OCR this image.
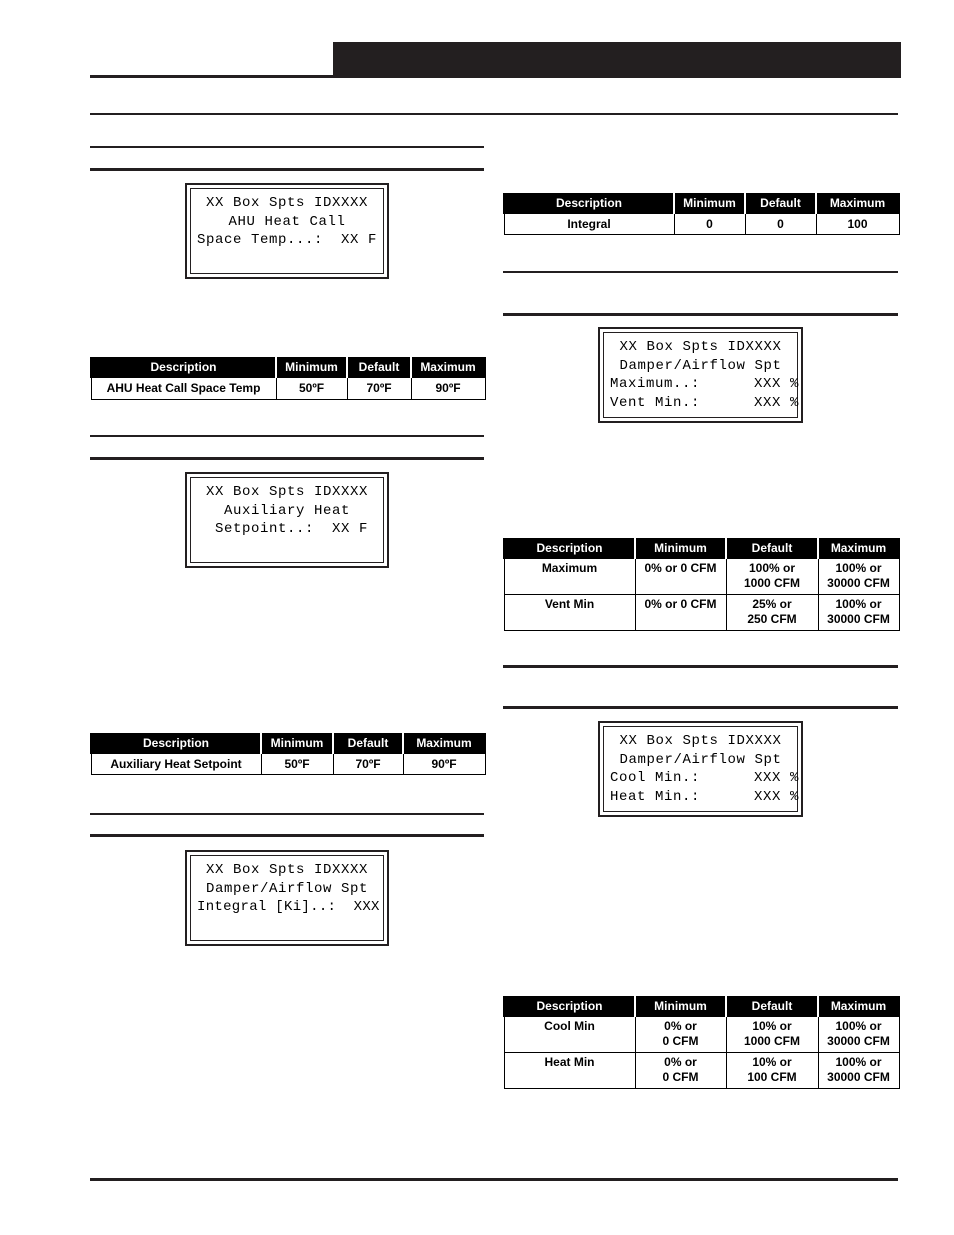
XX Box Spts IDXXXX
AHU Heat Call
Space Temp...:  XX F
Description	Minimum	Default	Maximum
AHU Heat Call Space Temp	50ºF	70ºF	90ºF
XX Box Spts IDXXXX
Auxiliary Heat
Setpoint..:  XX F
Description	Minimum	Default	Maximum
Auxiliary Heat Setpoint	50ºF	70ºF	90ºF
XX Box Spts IDXXXX
Damper/Airflow Spt
Integral [Ki]..:  XXX
Description	Minimum	Default	Maximum
Integral	0	0	100
XX Box Spts IDXXXX
Damper/Airflow Spt
Maximum..:      XXX %
Vent Min.:      XXX %
Description	Minimum	Default	Maximum
Maximum	0% or 0 CFM	100% or
1000 CFM	100% or
30000 CFM
Vent Min	0% or 0 CFM	25% or
250 CFM	100% or
30000 CFM
XX Box Spts IDXXXX
Damper/Airflow Spt
Cool Min.:      XXX %
Heat Min.:      XXX %
Description	Minimum	Default	Maximum
Cool Min	0% or
0 CFM	10% or
1000 CFM	100% or
30000 CFM
Heat Min	0% or
0 CFM	10% or
100 CFM	100% or
30000 CFM
